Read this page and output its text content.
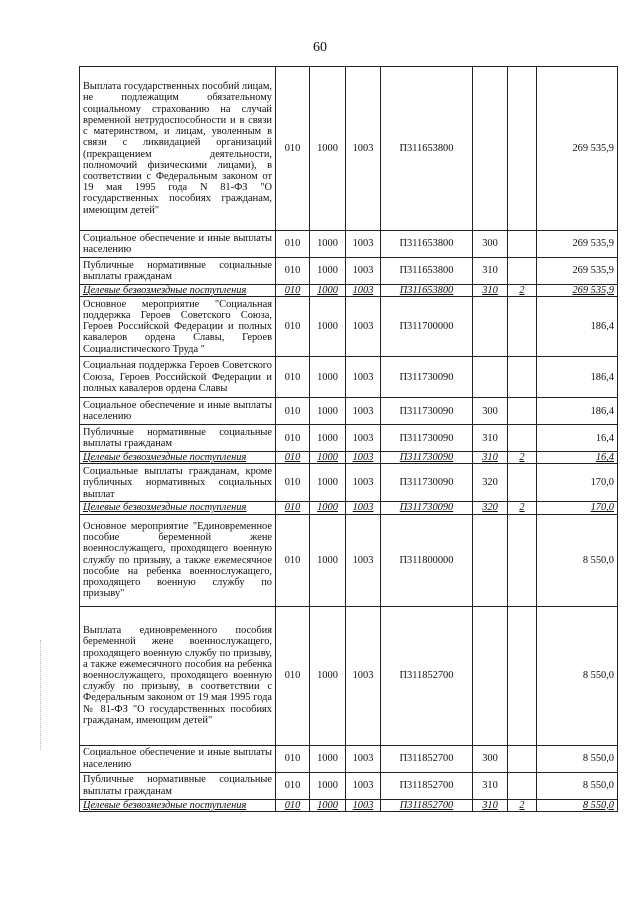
60
Выплата государственных пособий лицам, не подлежащим обязательному социальному страхованию на случай временной нетрудоспособности и в связи с материнством, и лицам, уволенным в связи с ликвидацией организаций (прекращением деятельности, полномочий физическими лицами), в соответствии с Федеральным законом от 19 мая 1995 года N 81-ФЗ "О государственных пособиях гражданам, имеющим детей"	010	1000	1003	П311653800			269 535,9
Социальное обеспечение и иные выплаты населению	010	1000	1003	П311653800	300		269 535,9
Публичные нормативные социальные выплаты гражданам	010	1000	1003	П311653800	310		269 535,9
Целевые безвозмездные поступления	010	1000	1003	П311653800	310	2	269 535,9
Основное мероприятие "Социальная поддержка Героев Советского Союза, Героев Российской Федерации и полных кавалеров ордена Славы, Героев Социалистического Труда "	010	1000	1003	П311700000			186,4
Социальная поддержка Героев Советского Союза, Героев Российской Федерации и полных кавалеров ордена Славы	010	1000	1003	П311730090			186,4
Социальное обеспечение и иные выплаты населению	010	1000	1003	П311730090	300		186,4
Публичные нормативные социальные выплаты гражданам	010	1000	1003	П311730090	310		16,4
Целевые безвозмездные поступления	010	1000	1003	П311730090	310	2	16,4
Социальные выплаты гражданам, кроме публичных нормативных социальных выплат	010	1000	1003	П311730090	320		170,0
Целевые безвозмездные поступления	010	1000	1003	П311730090	320	2	170,0
Основное мероприятие "Единовременное пособие беременной жене военнослужащего, проходящего военную службу по призыву, а также ежемесячное пособие на ребенка военнослужащего, проходящего военную службу по призыву"	010	1000	1003	П311800000			8 550,0
Выплата единовременного пособия беременной жене военнослужащего, проходящего военную службу по призыву, а также ежемесячного пособия на ребенка военнослужащего, проходящего военную службу по призыву, в соответствии с Федеральным законом от 19 мая 1995 года № 81-ФЗ "О государственных пособиях гражданам, имеющим детей"	010	1000	1003	П311852700			8 550,0
Социальное обеспечение и иные выплаты населению	010	1000	1003	П311852700	300		8 550,0
Публичные нормативные социальные выплаты гражданам	010	1000	1003	П311852700	310		8 550,0
Целевые безвозмездные поступления	010	1000	1003	П311852700	310	2	8 550,0
